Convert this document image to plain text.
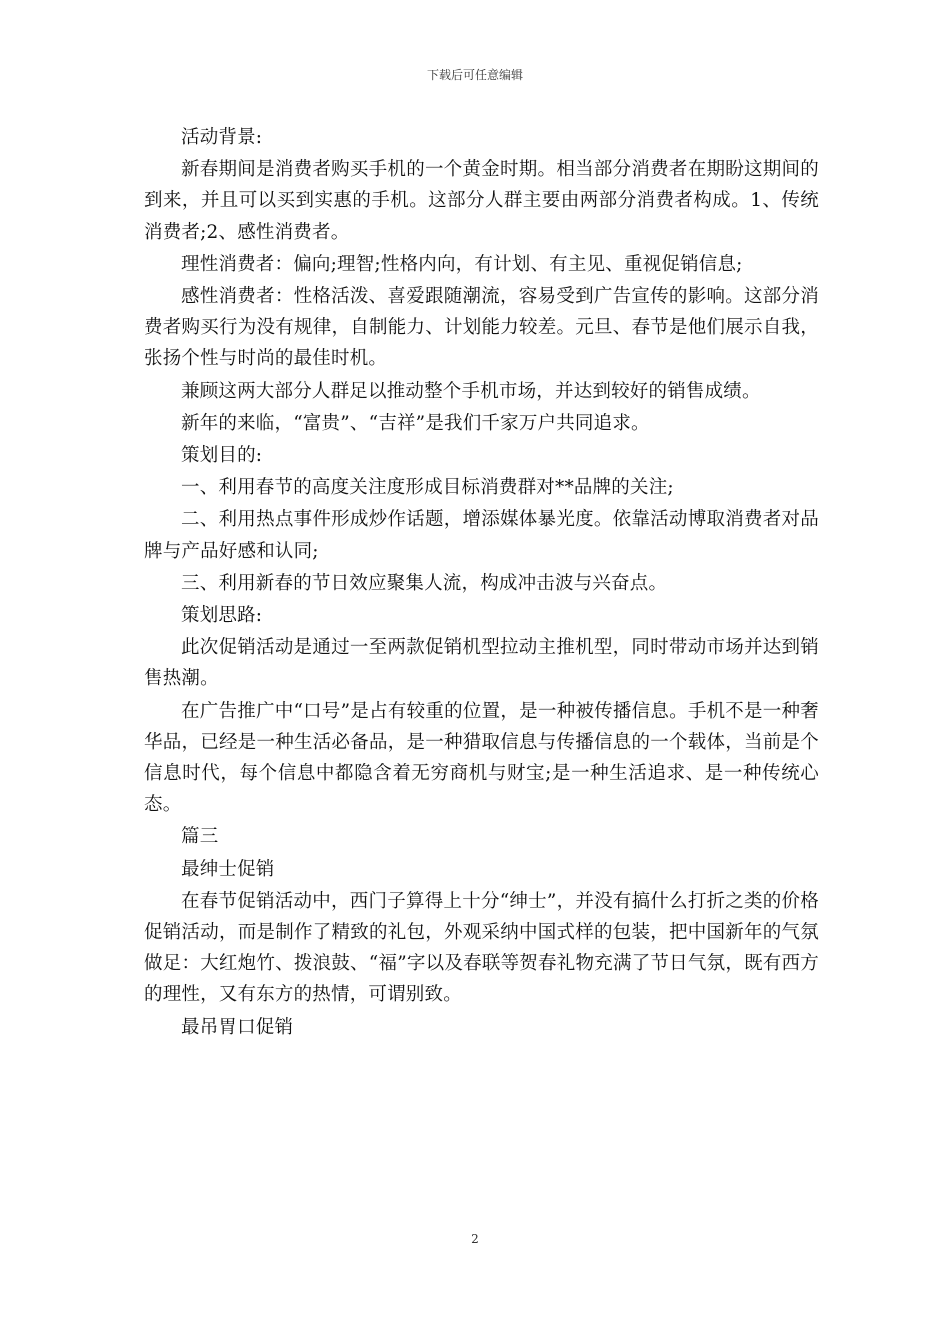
下载后可任意编辑

活动背景:

新春期间是消费者购买手机的一个黄金时期。相当部分消费者在期盼这期间的到来，并且可以买到实惠的手机。这部分人群主要由两部分消费者构成。1、传统消费者;2、感性消费者。

理性消费者：偏向;理智;性格内向，有计划、有主见、重视促销信息;

感性消费者：性格活泼、喜爱跟随潮流，容易受到广告宣传的影响。这部分消费者购买行为没有规律，自制能力、计划能力较差。元旦、春节是他们展示自我，张扬个性与时尚的最佳时机。

兼顾这两大部分人群足以推动整个手机市场，并达到较好的销售成绩。

新年的来临，“富贵”、“吉祥”是我们千家万户共同追求。

策划目的:

一、利用春节的高度关注度形成目标消费群对**品牌的关注;

二、利用热点事件形成炒作话题，增添媒体暴光度。依靠活动博取消费者对品牌与产品好感和认同;

三、利用新春的节日效应聚集人流，构成冲击波与兴奋点。

策划思路:

此次促销活动是通过一至两款促销机型拉动主推机型，同时带动市场并达到销售热潮。

在广告推广中“口号”是占有较重的位置，是一种被传播信息。手机不是一种奢华品，已经是一种生活必备品，是一种猎取信息与传播信息的一个载体，当前是个信息时代，每个信息中都隐含着无穷商机与财宝;是一种生活追求、是一种传统心态。

篇三

最绅士促销

在春节促销活动中，西门子算得上十分“绅士”，并没有搞什么打折之类的价格促销活动，而是制作了精致的礼包，外观采纳中国式样的包装，把中国新年的气氛做足：大红炮竹、拨浪鼓、“福”字以及春联等贺春礼物充满了节日气氛，既有西方的理性，又有东方的热情，可谓别致。

最吊胃口促销

2
